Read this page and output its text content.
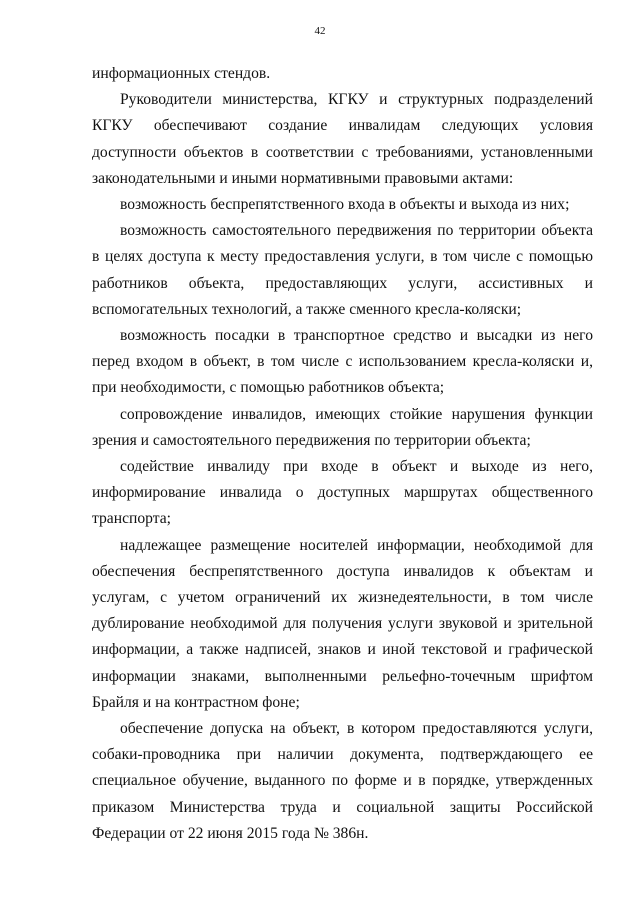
42

информационных стендов.

Руководители министерства, КГКУ и структурных подразделений КГКУ обеспечивают создание инвалидам следующих условия доступности объектов в соответствии с требованиями, установленными законодательными и иными нормативными правовыми актами:

возможность беспрепятственного входа в объекты и выхода из них;

возможность самостоятельного передвижения по территории объекта в целях доступа к месту предоставления услуги, в том числе с помощью работников объекта, предоставляющих услуги, ассистивных и вспомогательных технологий, а также сменного кресла-коляски;

возможность посадки в транспортное средство и высадки из него перед входом в объект, в том числе с использованием кресла-коляски и, при необходимости, с помощью работников объекта;

сопровождение инвалидов, имеющих стойкие нарушения функции зрения и самостоятельного передвижения по территории объекта;

содействие инвалиду при входе в объект и выходе из него, информирование инвалида о доступных маршрутах общественного транспорта;

надлежащее размещение носителей информации, необходимой для обеспечения беспрепятственного доступа инвалидов к объектам и услугам, с учетом ограничений их жизнедеятельности, в том числе дублирование необходимой для получения услуги звуковой и зрительной информации, а также надписей, знаков и иной текстовой и графической информации знаками, выполненными рельефно-точечным шрифтом Брайля и на контрастном фоне;

обеспечение допуска на объект, в котором предоставляются услуги, собаки-проводника при наличии документа, подтверждающего ее специальное обучение, выданного по форме и в порядке, утвержденных приказом Министерства труда и социальной защиты Российской Федерации от 22 июня 2015 года № 386н.
